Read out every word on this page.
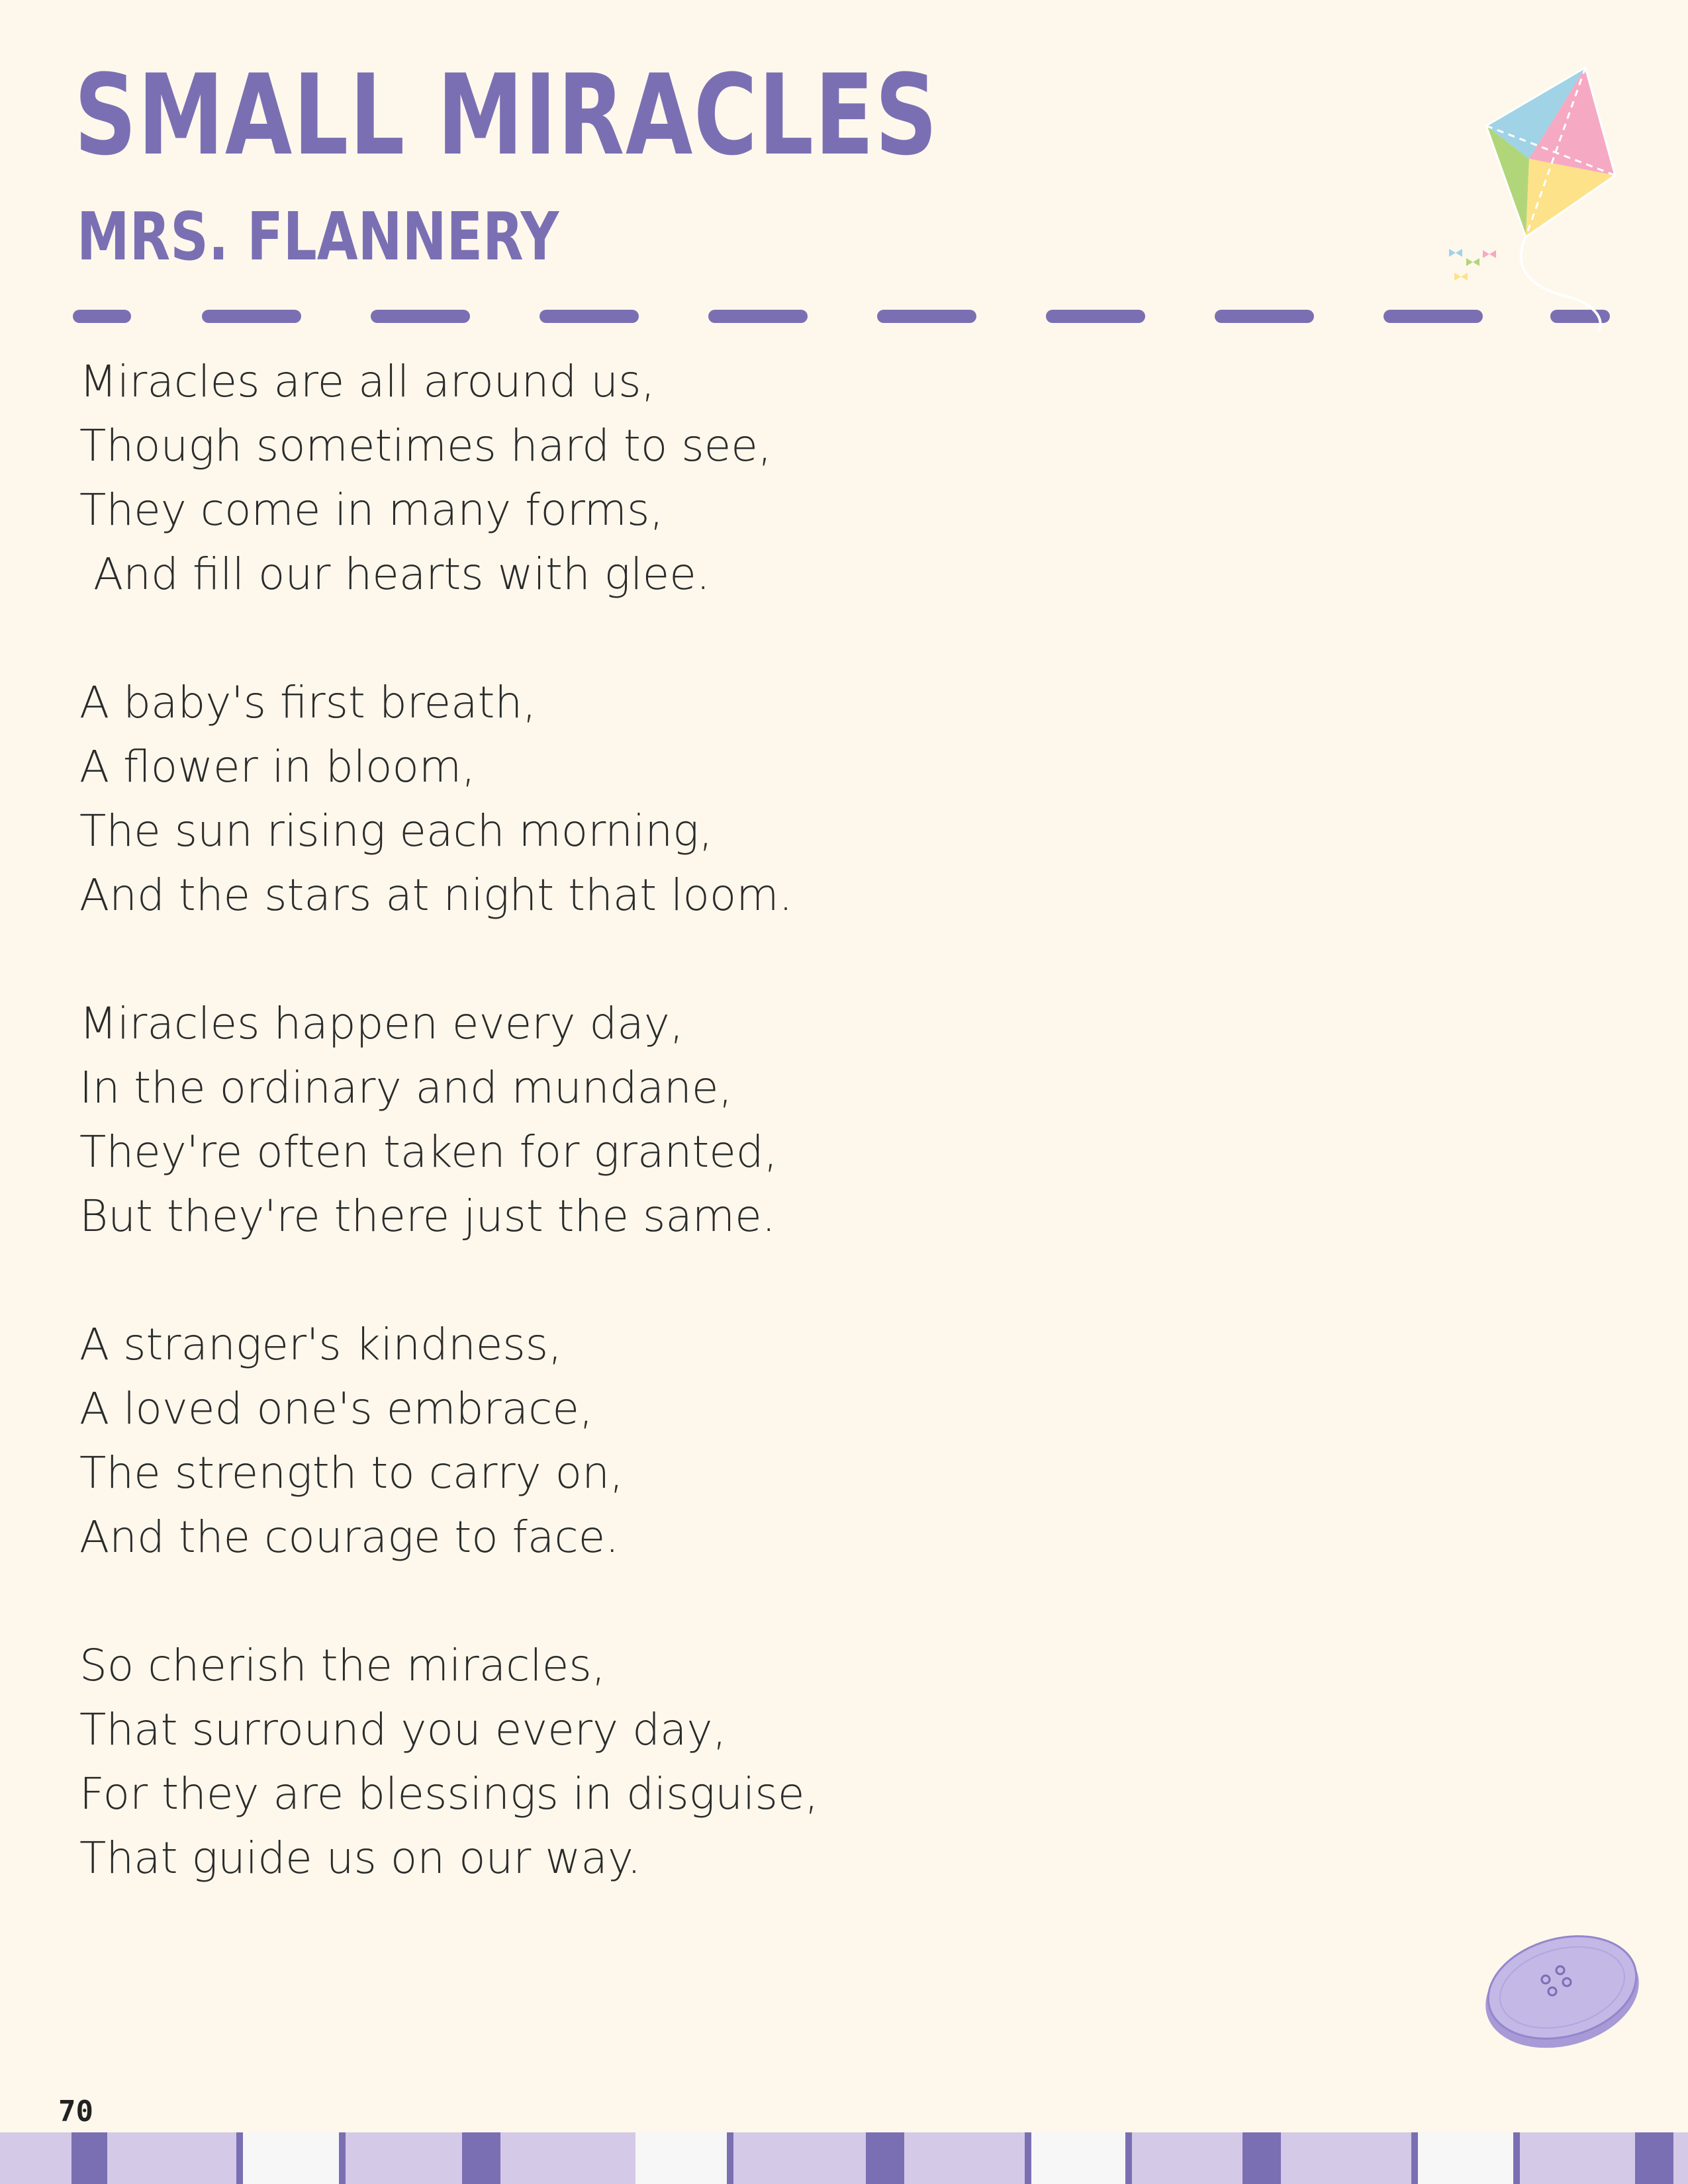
SMALL MIRACLES
MRS. FLANNERY

Miracles are all around us,
Though sometimes hard to see,
They come in many forms,
And fill our hearts with glee.

A baby's first breath,
A flower in bloom,
The sun rising each morning,
And the stars at night that loom.

Miracles happen every day,
In the ordinary and mundane,
They're often taken for granted,
But they're there just the same.

A stranger's kindness,
A loved one's embrace,
The strength to carry on,
And the courage to face.

So cherish the miracles,
That surround you every day,
For they are blessings in disguise,
That guide us on our way.

70
